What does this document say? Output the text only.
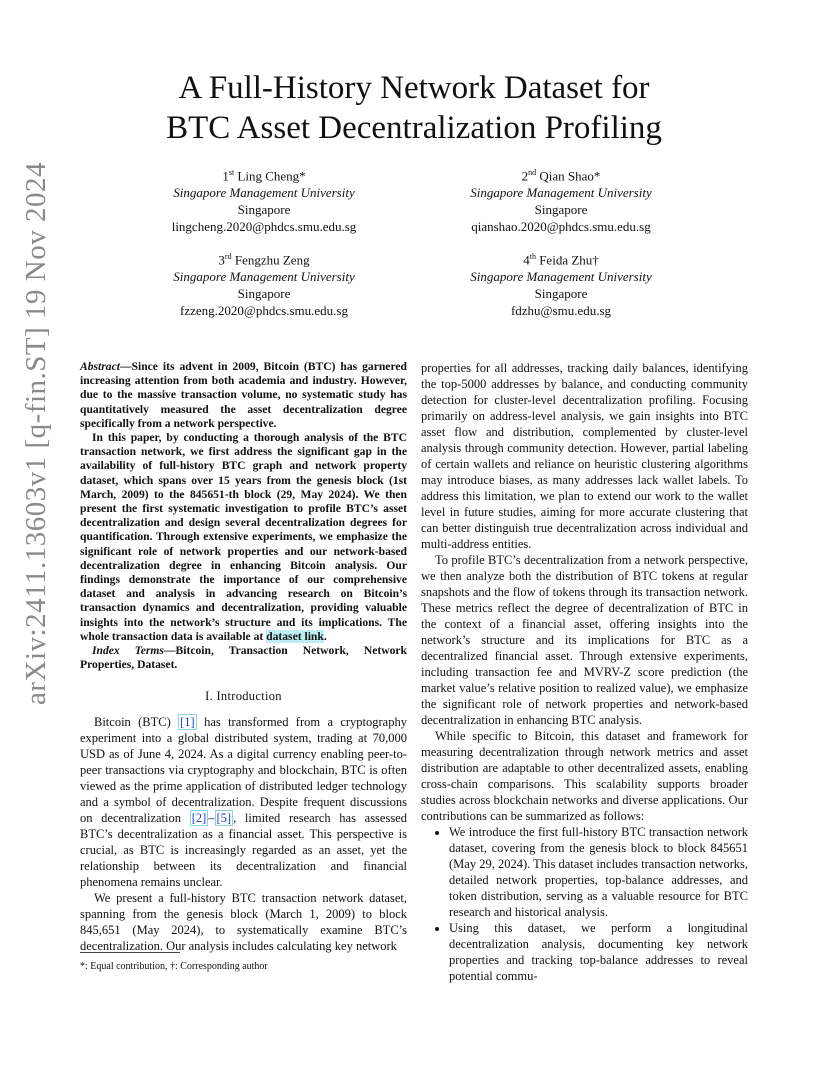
arXiv:2411.13603v1 [q-fin.ST] 19 Nov 2024
A Full-History Network Dataset for
BTC Asset Decentralization Profiling
1st Ling Cheng*
Singapore Management University
Singapore
lingcheng.2020@phdcs.smu.edu.sg
2nd Qian Shao*
Singapore Management University
Singapore
qianshao.2020@phdcs.smu.edu.sg
3rd Fengzhu Zeng
Singapore Management University
Singapore
fzzeng.2020@phdcs.smu.edu.sg
4th Feida Zhu†
Singapore Management University
Singapore
fdzhu@smu.edu.sg

Abstract—Since its advent in 2009, Bitcoin (BTC) has garnered increasing attention from both academia and industry. However, due to the massive transaction volume, no systematic study has quantitatively measured the asset decentralization degree specifically from a network perspective.

In this paper, by conducting a thorough analysis of the BTC transaction network, we first address the significant gap in the availability of full-history BTC graph and network property dataset, which spans over 15 years from the genesis block (1st March, 2009) to the 845651-th block (29, May 2024). We then present the first systematic investigation to profile BTC’s asset decentralization and design several decentralization degrees for quantification. Through extensive experiments, we emphasize the significant role of network properties and our network-based decentralization degree in enhancing Bitcoin analysis. Our findings demonstrate the importance of our comprehensive dataset and analysis in advancing research on Bitcoin’s transaction dynamics and decentralization, providing valuable insights into the network’s structure and its implications. The whole transaction data is available at dataset link.

Index Terms—Bitcoin, Transaction Network, Network Properties, Dataset.

I. Introduction

Bitcoin (BTC) [1] has transformed from a cryptography experiment into a global distributed system, trading at 70,000 USD as of June 4, 2024. As a digital currency enabling peer-to-peer transactions via cryptography and blockchain, BTC is often viewed as the prime application of distributed ledger technology and a symbol of decentralization. Despite frequent discussions on decentralization [2] – [5] , limited research has assessed BTC’s decentralization as a financial asset. This perspective is crucial, as BTC is increasingly regarded as an asset, yet the relationship between its decentralization and financial phenomena remains unclear.

We present a full-history BTC transaction network dataset, spanning from the genesis block (March 1, 2009) to block 845,651 (May 2024), to systematically examine BTC’s decentralization. Our analysis includes calculating key network

properties for all addresses, tracking daily balances, identifying the top-5000 addresses by balance, and conducting community detection for cluster-level decentralization profiling. Focusing primarily on address-level analysis, we gain insights into BTC asset flow and distribution, complemented by cluster-level analysis through community detection. However, partial labeling of certain wallets and reliance on heuristic clustering algorithms may introduce biases, as many addresses lack wallet labels. To address this limitation, we plan to extend our work to the wallet level in future studies, aiming for more accurate clustering that can better distinguish true decentralization across individual and multi-address entities.

To profile BTC’s decentralization from a network perspective, we then analyze both the distribution of BTC tokens at regular snapshots and the flow of tokens through its transaction network. These metrics reflect the degree of decentralization of BTC in the context of a financial asset, offering insights into the network’s structure and its implications for BTC as a decentralized financial asset. Through extensive experiments, including transaction fee and MVRV-Z score prediction (the market value’s relative position to realized value), we emphasize the significant role of network properties and network-based decentralization in enhancing BTC analysis.

While specific to Bitcoin, this dataset and framework for measuring decentralization through network metrics and asset distribution are adaptable to other decentralized assets, enabling cross-chain comparisons. This scalability supports broader studies across blockchain networks and diverse applications. Our contributions can be summarized as follows:

• We introduce the first full-history BTC transaction network dataset, covering from the genesis block to block 845651 (May 29, 2024). This dataset includes transaction networks, detailed network properties, top-balance addresses, and token distribution, serving as a valuable resource for BTC research and historical analysis.
• Using this dataset, we perform a longitudinal decentralization analysis, documenting key network properties and tracking top-balance addresses to reveal potential commu-
*: Equal contribution, †: Corresponding author
